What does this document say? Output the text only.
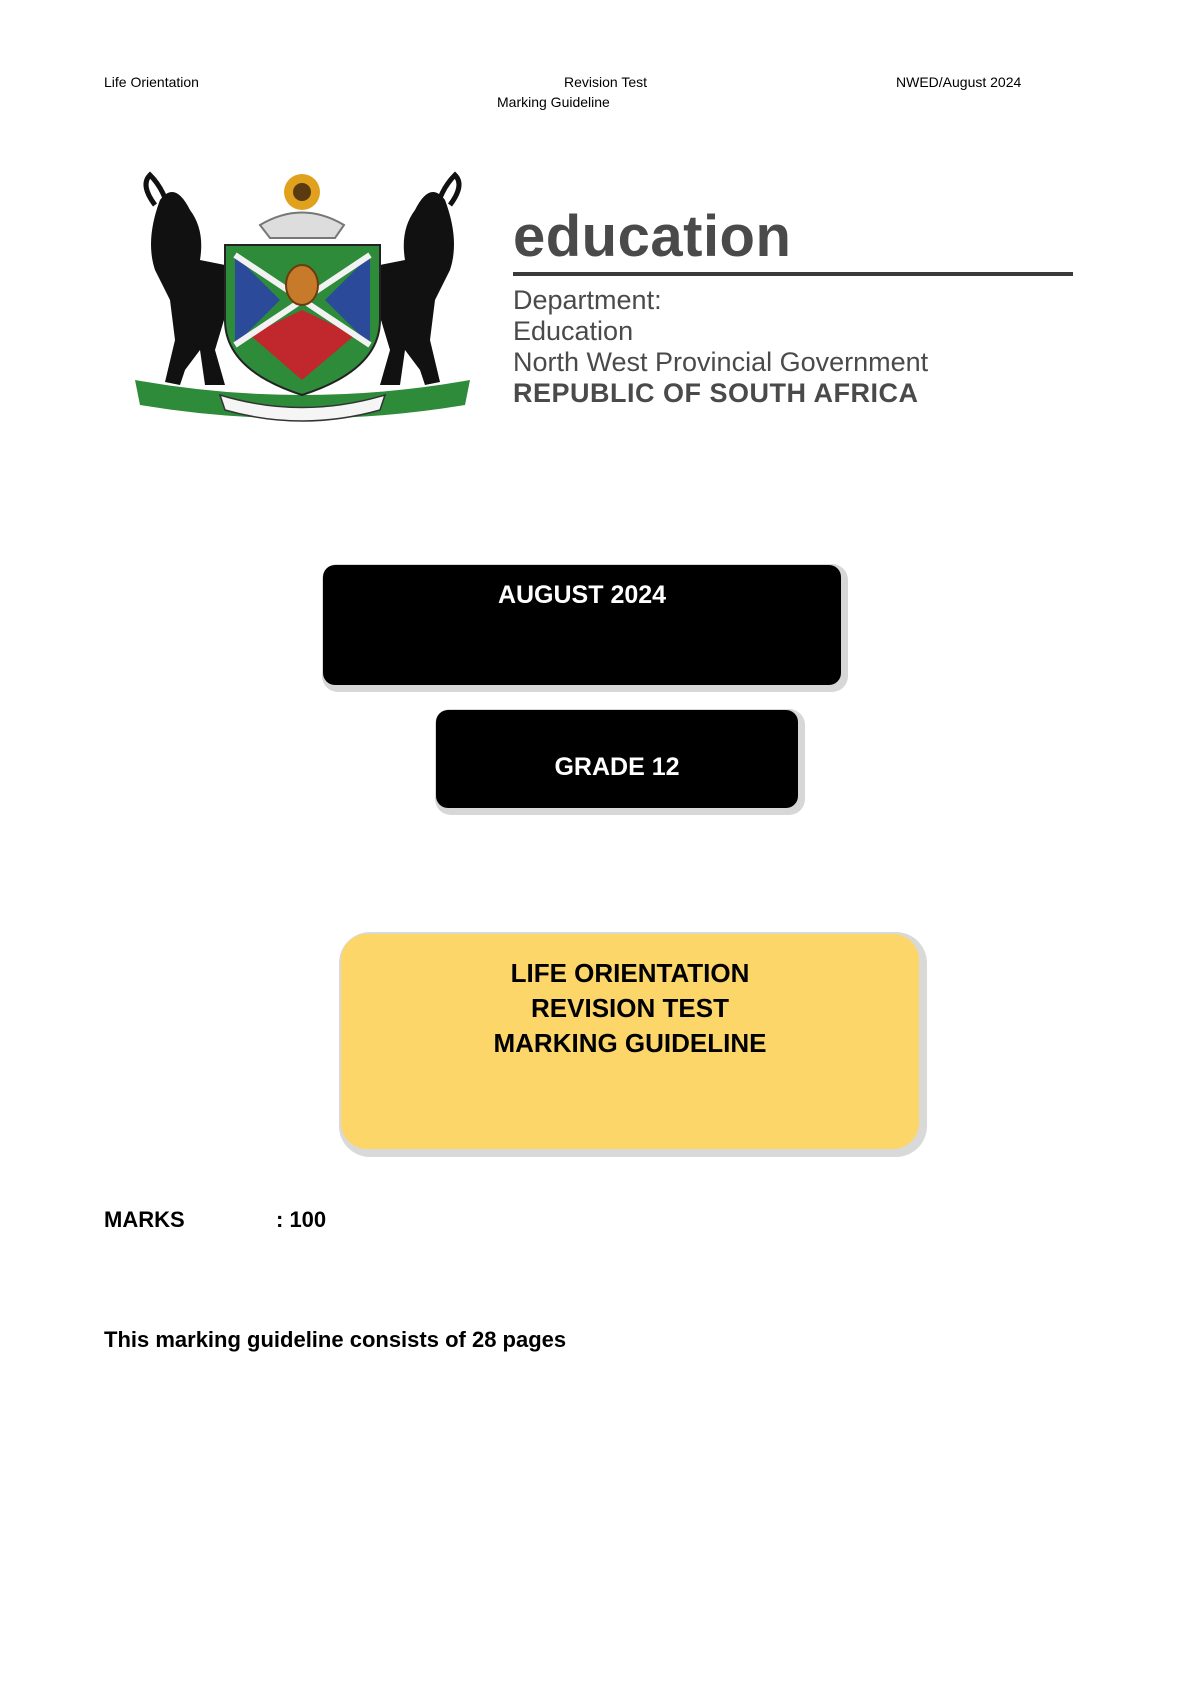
Life Orientation	Revision Test	NWED/August 2024
Marking Guideline
education
Department:
Education
North West Provincial Government
REPUBLIC OF SOUTH AFRICA
AUGUST 2024
GRADE 12
LIFE ORIENTATION
REVISION TEST
MARKING GUIDELINE
MARKS	: 100
This marking guideline consists of 28 pages
